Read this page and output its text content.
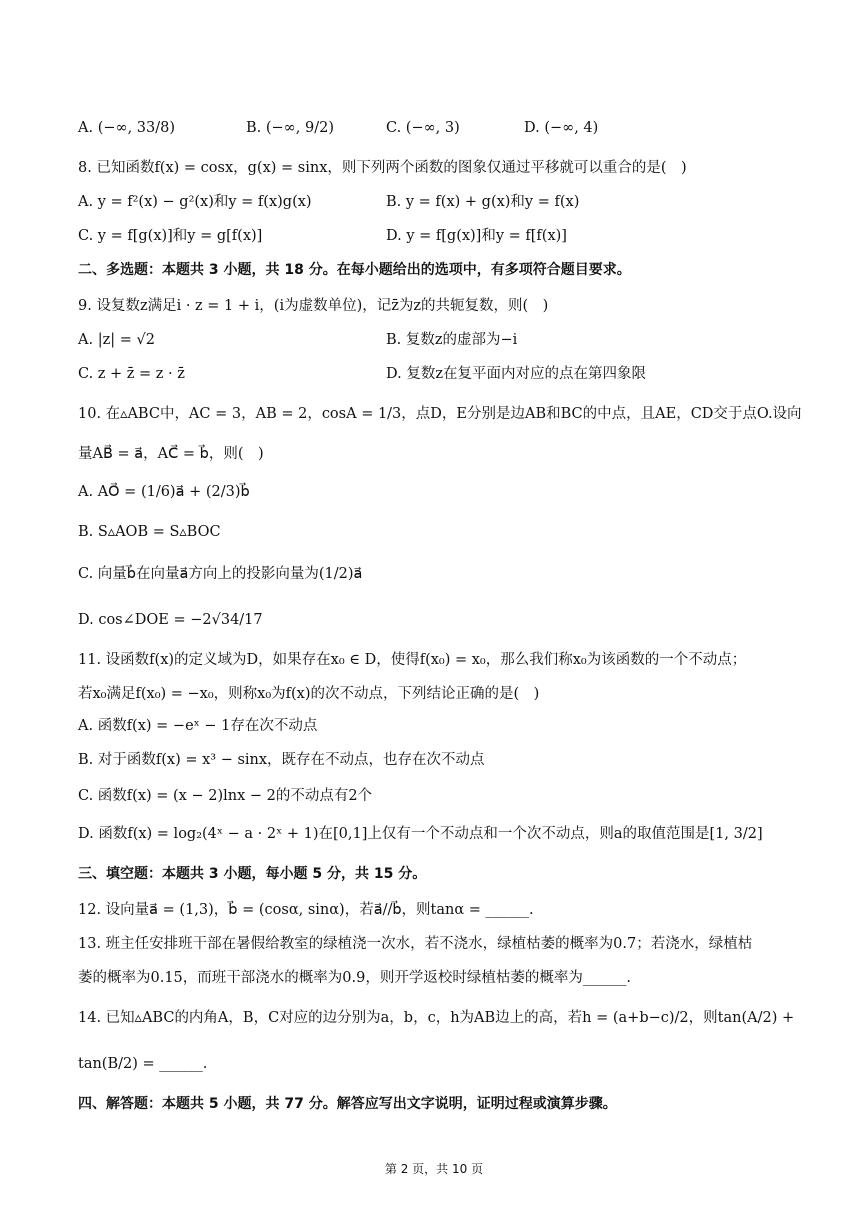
A. (−∞, 33/8)	B. (−∞, 9/2)	C. (−∞, 3)	D. (−∞, 4)
8. 已知函数f(x) = cosx，g(x) = sinx，则下列两个函数的图象仅通过平移就可以重合的是(　)
A. y = f²(x) − g²(x)和y = f(x)g(x)	B. y = f(x) + g(x)和y = f(x)
C. y = f[g(x)]和y = g[f(x)]	D. y = f[g(x)]和y = f[f(x)]
二、多选题：本题共 3 小题，共 18 分。在每小题给出的选项中，有多项符合题目要求。
9. 设复数z满足i · z = 1 + i，(i为虚数单位)，记z̄为z的共轭复数，则(　)
A. |z| = √2	B. 复数z的虚部为−i
C. z + z̄ = z · z̄	D. 复数z在复平面内对应的点在第四象限
10. 在▵ABC中，AC = 3，AB = 2，cosA = 1/3，点D，E分别是边AB和BC的中点，且AE，CD交于点O.设向
量AB⃗ = a⃗，AC⃗ = b⃗，则(　)
A. AO⃗ = (1/6)a⃗ + (2/3)b⃗
B. S▵AOB = S▵BOC
C. 向量b⃗在向量a⃗方向上的投影向量为(1/2)a⃗
D. cos∠DOE = −2√34/17
11. 设函数f(x)的定义域为D，如果存在x₀ ∈ D，使得f(x₀) = x₀，那么我们称x₀为该函数的一个不动点；
若x₀满足f(x₀) = −x₀，则称x₀为f(x)的次不动点，下列结论正确的是(　)
A. 函数f(x) = −eˣ − 1存在次不动点
B. 对于函数f(x) = x³ − sinx，既存在不动点，也存在次不动点
C. 函数f(x) = (x − 2)lnx − 2的不动点有2个
D. 函数f(x) = log₂(4ˣ − a · 2ˣ + 1)在[0,1]上仅有一个不动点和一个次不动点，则a的取值范围是[1, 3/2]
三、填空题：本题共 3 小题，每小题 5 分，共 15 分。
12. 设向量a⃗ = (1,3)，b⃗ = (cosα, sinα)，若a⃗//b⃗，则tanα = ______.
13. 班主任安排班干部在暑假给教室的绿植浇一次水，若不浇水，绿植枯萎的概率为0.7；若浇水，绿植枯
萎的概率为0.15，而班干部浇水的概率为0.9，则开学返校时绿植枯萎的概率为______.
14. 已知▵ABC的内角A，B，C对应的边分别为a，b，c，h为AB边上的高，若h = (a+b−c)/2，则tan(A/2) +
tan(B/2) = ______.
四、解答题：本题共 5 小题，共 77 分。解答应写出文字说明，证明过程或演算步骤。
第 2 页，共 10 页
